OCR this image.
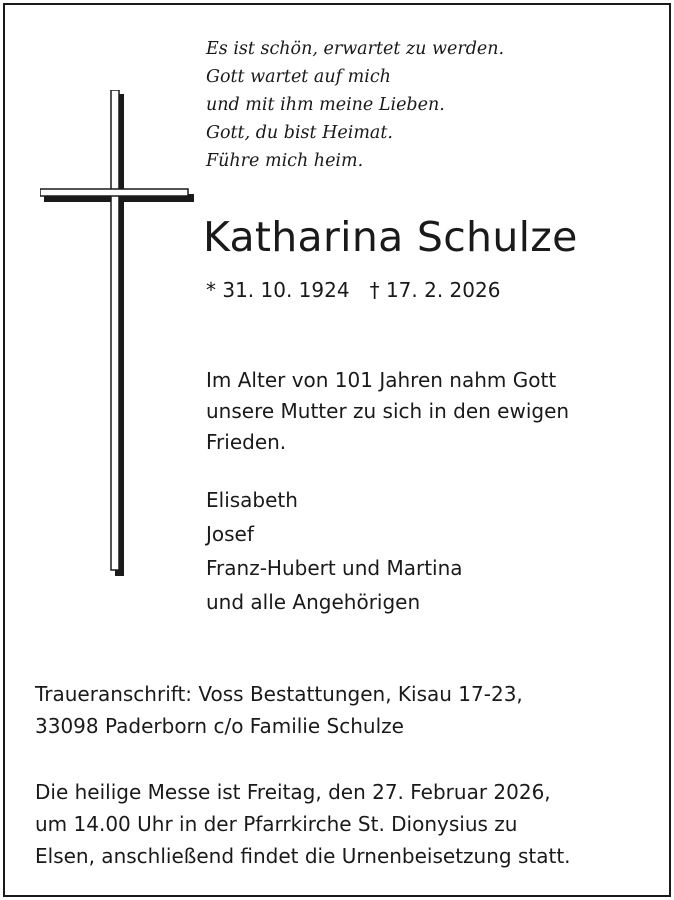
Es ist schön, erwartet zu werden.
Gott wartet auf mich
und mit ihm meine Lieben.
Gott, du bist Heimat.
Führe mich heim.
Katharina Schulze
* 31. 10. 1924 † 17. 2. 2026
Im Alter von 101 Jahren nahm Gott
unsere Mutter zu sich in den ewigen
Frieden.
Elisabeth
Josef
Franz-Hubert und Martina
und alle Angehörigen
Traueranschrift: Voss Bestattungen, Kisau 17-23,
33098 Paderborn c/o Familie Schulze
Die heilige Messe ist Freitag, den 27. Februar 2026,
um 14.00 Uhr in der Pfarrkirche St. Dionysius zu
Elsen, anschließend findet die Urnenbeisetzung statt.
